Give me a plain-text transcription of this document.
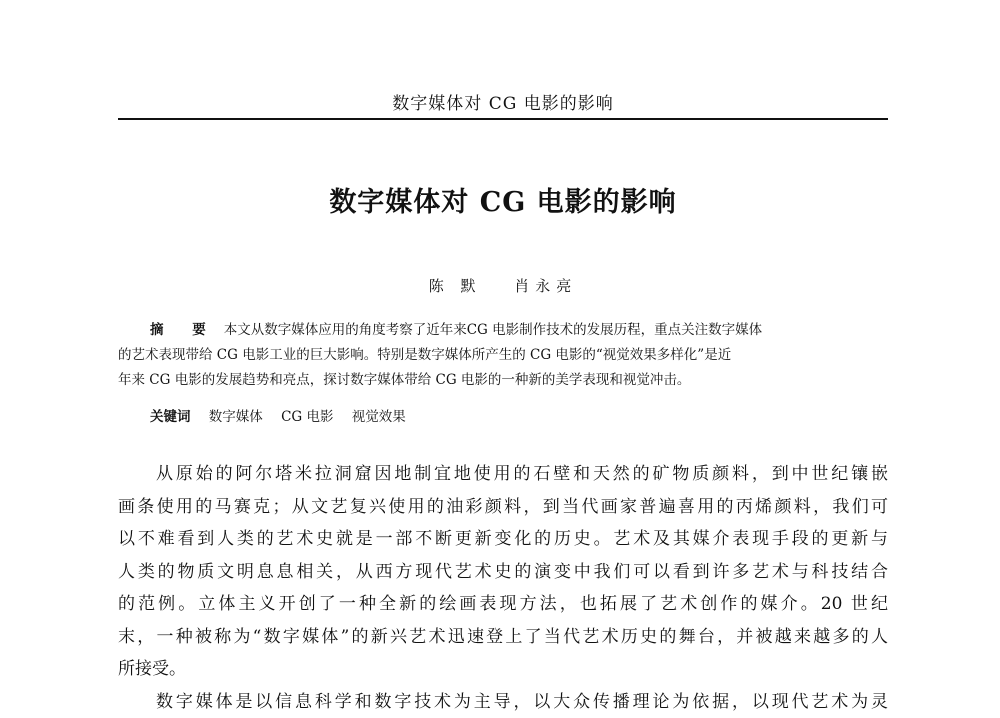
数字媒体对 CG 电影的影响
数字媒体对 CG 电影的影响
陈 默 肖永亮
摘 要 本文从数字媒体应用的角度考察了近年来CG 电影制作技术的发展历程，重点关注数字媒体
的艺术表现带给 CG 电影工业的巨大影响。特别是数字媒体所产生的 CG 电影的“视觉效果多样化”是近
年来 CG 电影的发展趋势和亮点，探讨数字媒体带给 CG 电影的一种新的美学表现和视觉冲击。
关键词 数字媒体 CG 电影 视觉效果
从原始的阿尔塔米拉洞窟因地制宜地使用的石壁和天然的矿物质颜料，到中世纪镶嵌
画条使用的马赛克；从文艺复兴使用的油彩颜料，到当代画家普遍喜用的丙烯颜料，我们可
以不难看到人类的艺术史就是一部不断更新变化的历史。艺术及其媒介表现手段的更新与
人类的物质文明息息相关，从西方现代艺术史的演变中我们可以看到许多艺术与科技结合
的范例。立体主义开创了一种全新的绘画表现方法，也拓展了艺术创作的媒介。20 世纪
末，一种被称为“数字媒体”的新兴艺术迅速登上了当代艺术历史的舞台，并被越来越多的人
所接受。
数字媒体是以信息科学和数字技术为主导，以大众传播理论为依据，以现代艺术为灵
